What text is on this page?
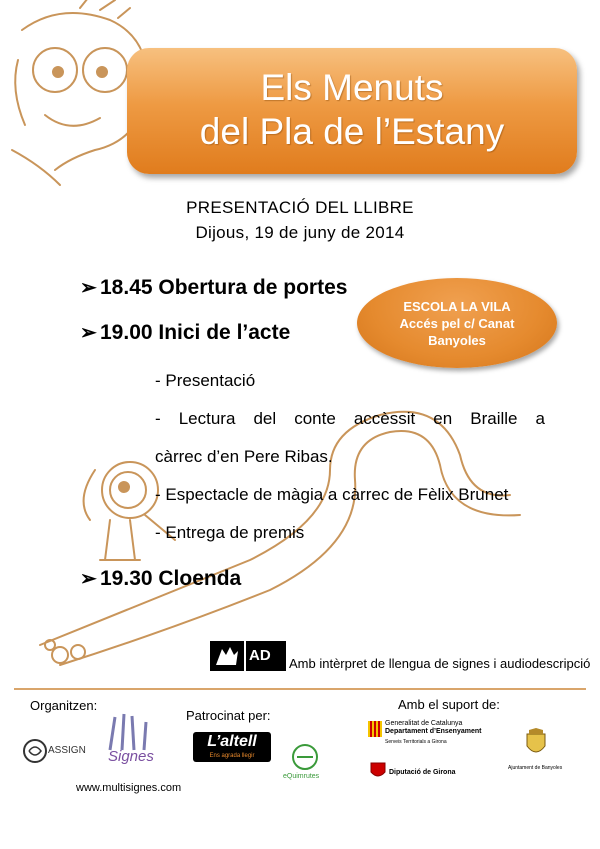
Els Menuts
del Pla de l’Estany
PRESENTACIÓ DEL LLIBRE
Dijous, 19 de juny de 2014
➢ 18.45 Obertura de portes
➢ 19.00 Inici de l’acte
ESCOLA LA VILA
Accés pel c/ Canat
Banyoles
- Presentació
- Lectura del conte accèssit en Braille a
càrrec d’en Pere Ribas.
- Espectacle de màgia a càrrec de Fèlix Brunet
- Entrega de premis
➢ 19.30 Cloenda
AD	Amb intèrpret de llengua de signes i audiodescripció
Organitzen:
Patrocinat per:
Amb el suport de:
ASSIGN Signes
L’altell
Ens agrada llegir
eQuimrutes
Generalitat de Catalunya
Departament d’Ensenyament
Serveis Territorials a Girona
Diputació de Girona
Ajuntament de Banyoles
www.multisignes.com
